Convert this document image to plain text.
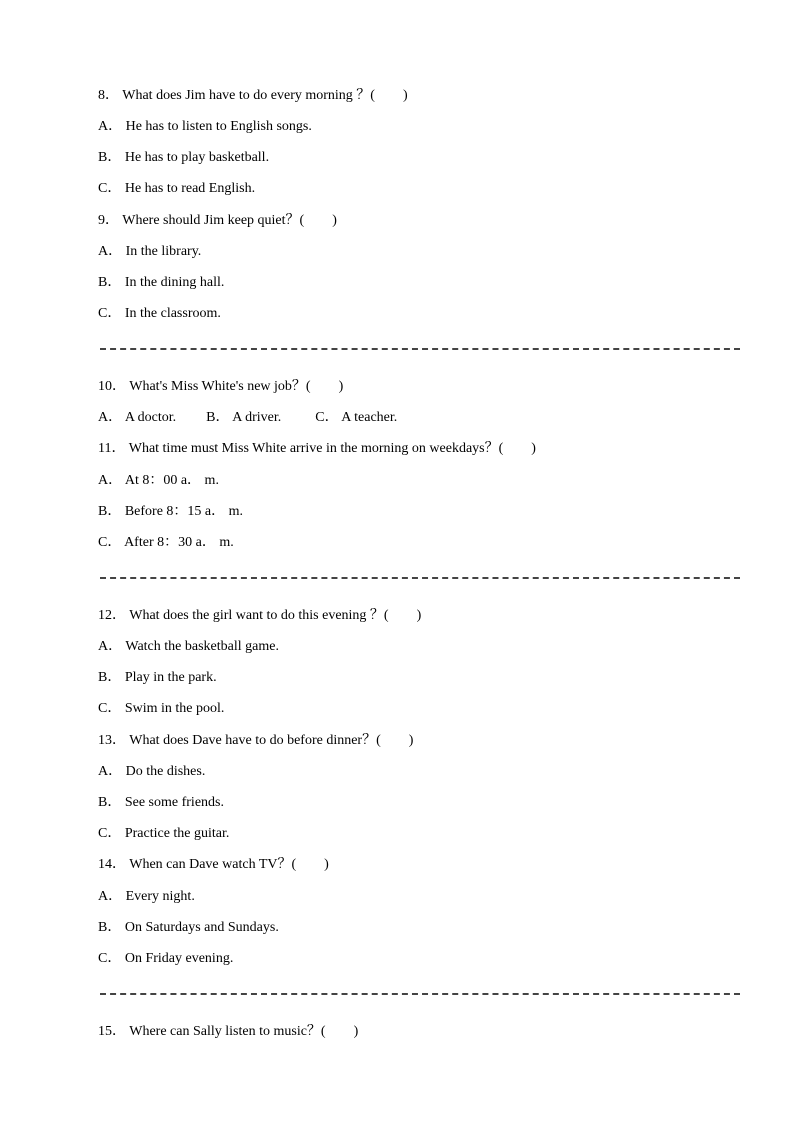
8． What does Jim have to do every morning ？(　　)
A． He has to listen to English songs.
B． He has to play basketball.
C． He has to read English.
9． Where should Jim keep quiet？(　　)
A． In the library.
B． In the dining hall.
C． In the classroom.
10． What's Miss White's new job？(　　)
A． A doctor. B． A driver. C． A teacher.
11． What time must Miss White arrive in the morning on weekdays？(　　)
A． At 8：00 a． m.
B． Before 8：15 a． m.
C． After 8：30 a． m.
12． What does the girl want to do this evening ？(　　)
A． Watch the basketball game.
B． Play in the park.
C． Swim in the pool.
13． What does Dave have to do before dinner？(　　)
A． Do the dishes.
B． See some friends.
C． Practice the guitar.
14． When can Dave watch TV？(　　)
A． Every night.
B． On Saturdays and Sundays.
C． On Friday evening.
15． Where can Sally listen to music？(　　)
